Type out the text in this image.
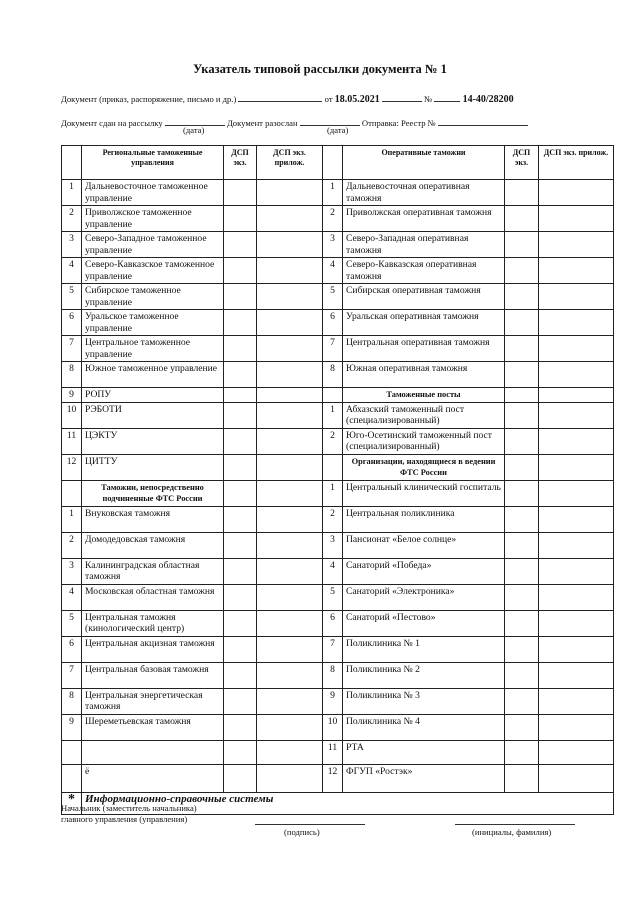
Указатель типовой рассылки документа № 1
Документ (приказ, распоряжение, письмо и др.)	от 18.05.2021	№	14-40/28200
Документ сдан на рассылку	Документ разослан	Отправка: Реестр №
(дата)	(дата)
	Региональные таможенные управления	ДСП экз.	ДСП экз. прилож.		Оперативные таможни	ДСП экз.	ДСП экз. прилож.
1	Дальневосточное таможенное управление			1	Дальневосточная оперативная таможня		
2	Приволжское таможенное управление			2	Приволжская оперативная таможня		
3	Северо-Западное таможенное управление			3	Северо-Западная оперативная таможня		
4	Северо-Кавказское таможенное управление			4	Северо-Кавказская оперативная таможня		
5	Сибирское таможенное управление			5	Сибирская оперативная таможня		
6	Уральское таможенное управление			6	Уральская оперативная таможня		
7	Центральное таможенное управление			7	Центральная оперативная таможня		
8	Южное таможенное управление			8	Южная оперативная таможня		
9	РОПУ				Таможенные посты		
10	РЭБОТИ			1	Абхазский таможенный пост (специализированный)		
11	ЦЭКТУ			2	Юго-Осетинский таможенный пост (специализированный)		
12	ЦИТТУ				Организации, находящиеся в ведении ФТС России		
	Таможни, непосредственно подчиненные ФТС России			1	Центральный клинический госпиталь		
1	Внуковская таможня			2	Центральная поликлиника		
2	Домодедовская таможня			3	Пансионат «Белое солнце»		
3	Калининградская областная таможня			4	Санаторий «Победа»		
4	Московская областная таможня			5	Санаторий «Электроника»		
5	Центральная таможня (кинологический центр)			6	Санаторий «Пестово»		
6	Центральная акцизная таможня			7	Поликлиника № 1		
7	Центральная базовая таможня			8	Поликлиника № 2		
8	Центральная энергетическая таможня			9	Поликлиника № 3		
9	Шереметьевская таможня			10	Поликлиника № 4		
				11	РТА		
	ё			12	ФГУП «Ростэк»		
*	Информационно-справочные системы						
Начальник (заместитель начальника)
главного управления (управления)
(подпись)	(инициалы, фамилия)
